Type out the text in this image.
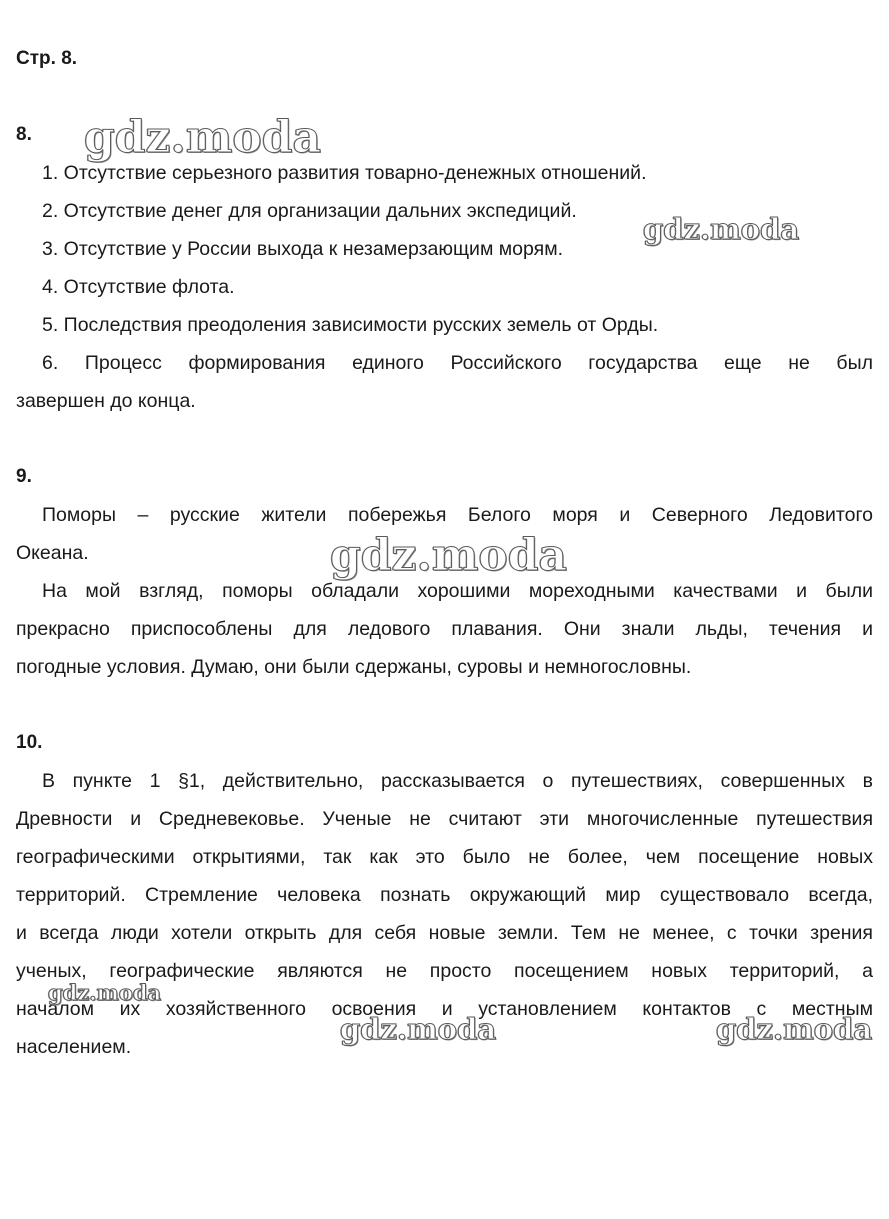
Стр. 8.
8.
1. Отсутствие серьезного развития товарно-денежных отношений.
2. Отсутствие денег для организации дальних экспедиций.
3. Отсутствие у России выхода к незамерзающим морям.
4. Отсутствие флота.
5. Последствия преодоления зависимости русских земель от Орды.
6. Процесс формирования единого Российского государства еще не был
завершен до конца.
9.
Поморы – русские жители побережья Белого моря и Северного Ледовитого
Океана.
На мой взгляд, поморы обладали хорошими мореходными качествами и были
прекрасно приспособлены для ледового плавания. Они знали льды, течения и
погодные условия. Думаю, они были сдержаны, суровы и немногословны.
10.
В пункте 1 §1, действительно, рассказывается о путешествиях, совершенных в
Древности и Средневековье. Ученые не считают эти многочисленные путешествия
географическими открытиями, так как это было не более, чем посещение новых
территорий. Стремление человека познать окружающий мир существовало всегда,
и всегда люди хотели открыть для себя новые земли. Тем не менее, с точки зрения
ученых, географические являются не просто посещением новых территорий, а
началом их хозяйственного освоения и установлением контактов с местным
населением.
gdz.moda
gdz.moda
gdz.moda
gdz.moda
gdz.moda	gdz.moda
